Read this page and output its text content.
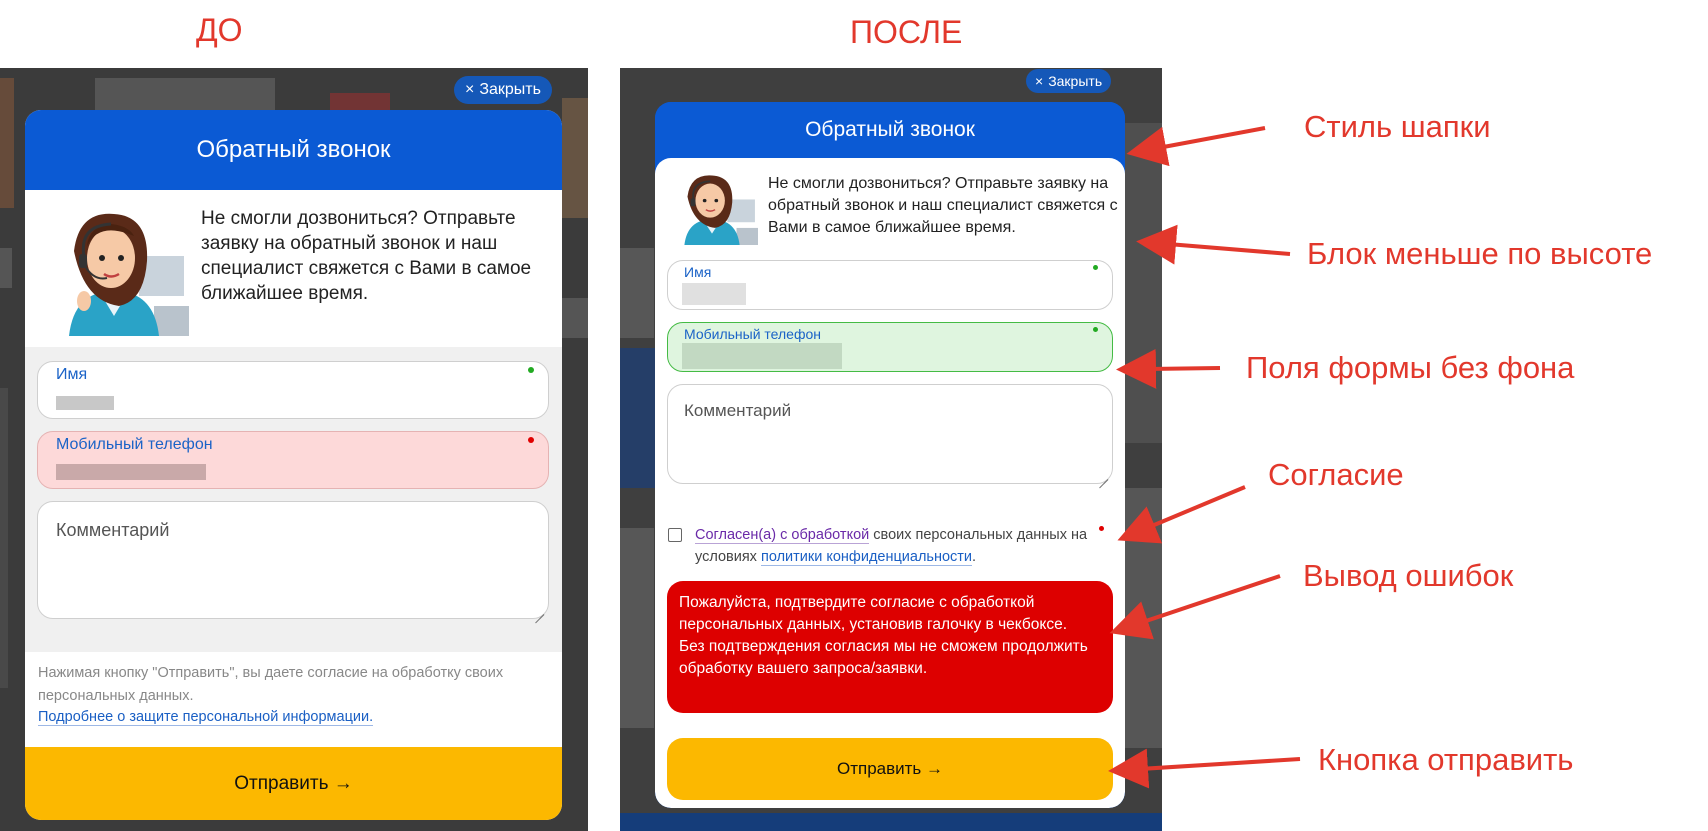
ДО	ПОСЛЕ
× Закрыть
Обратный звонок
Не смогли дозвониться? Отправьте заявку на обратный звонок и наш специалист свяжется с Вами в самое ближайшее время.
Имя
Мобильный телефон
Комментарий
Нажимая кнопку "Отправить", вы даете согласие на обработку своих персональных данных.
Подробнее о защите персональной информации.
Отправить →
× Закрыть
Обратный звонок
Не смогли дозвониться? Отправьте заявку на обратный звонок и наш специалист свяжется с Вами в самое ближайшее время.
Имя
Мобильный телефон
Комментарий
Согласен(а) с обработкой своих персональных данных на условиях политики конфиденциальности.
Пожалуйста, подтвердите согласие с обработкой персональных данных, установив галочку в чекбоксе.
Без подтверждения согласия мы не сможем продолжить обработку вашего запроса/заявки.
Отправить →
Стиль шапки
Блок меньше по высоте
Поля формы без фона
Согласие
Вывод ошибок
Кнопка отправить
